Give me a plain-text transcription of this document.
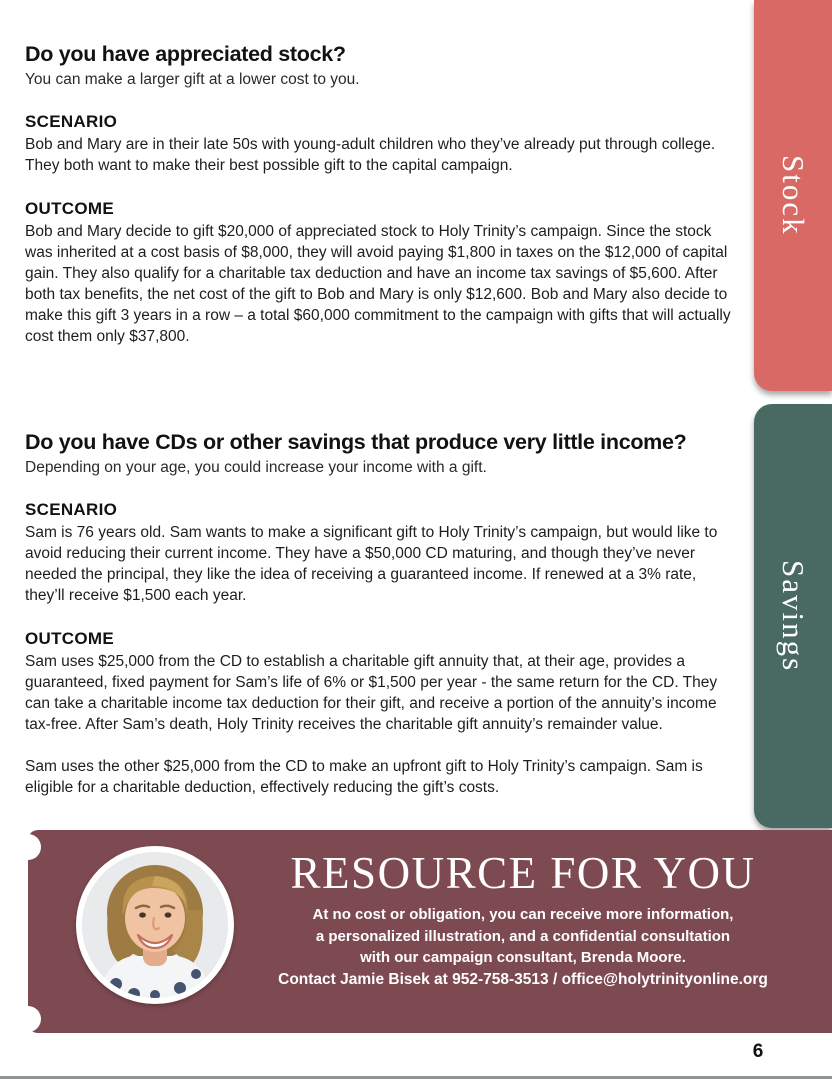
Do you have appreciated stock?

You can make a larger gift at a lower cost to you.

SCENARIO

Bob and Mary are in their late 50s with young-adult children who they’ve already put through college. They both want to make their best possible gift to the capital campaign.

OUTCOME

Bob and Mary decide to gift $20,000 of appreciated stock to Holy Trinity’s campaign. Since the stock was inherited at a cost basis of $8,000, they will avoid paying $1,800 in taxes on the $12,000 of capital gain. They also qualify for a charitable tax deduction and have an income tax savings of $5,600. After both tax benefits, the net cost of the gift to Bob and Mary is only $12,600. Bob and Mary also decide to make this gift 3 years in a row – a total $60,000 commitment to the campaign with gifts that will actually cost them only $37,800.

Do you have CDs or other savings that produce very little income?

Depending on your age, you could increase your income with a gift.

SCENARIO

Sam is 76 years old. Sam wants to make a significant gift to Holy Trinity’s campaign, but would like to avoid reducing their current income. They have a $50,000 CD maturing, and though they’ve never needed the principal, they like the idea of receiving a guaranteed income. If renewed at a 3% rate, they’ll receive $1,500 each year.

OUTCOME

Sam uses $25,000 from the CD to establish a charitable gift annuity that, at their age, provides a guaranteed, fixed payment for Sam’s life of 6% or $1,500 per year - the same return for the CD. They can take a charitable income tax deduction for their gift, and receive a portion of the annuity’s income tax-free. After Sam’s death, Holy Trinity receives the charitable gift annuity’s remainder value.

Sam uses the other $25,000 from the CD to make an upfront gift to Holy Trinity’s campaign. Sam is eligible for a charitable deduction, effectively reducing the gift’s costs.

Stock
Savings
RESOURCE FOR YOU

At no cost or obligation, you can receive more information,

a personalized illustration, and a confidential consultation

with our campaign consultant, Brenda Moore.

Contact Jamie Bisek at 952-758-3513 / office@holytrinityonline.org

6
